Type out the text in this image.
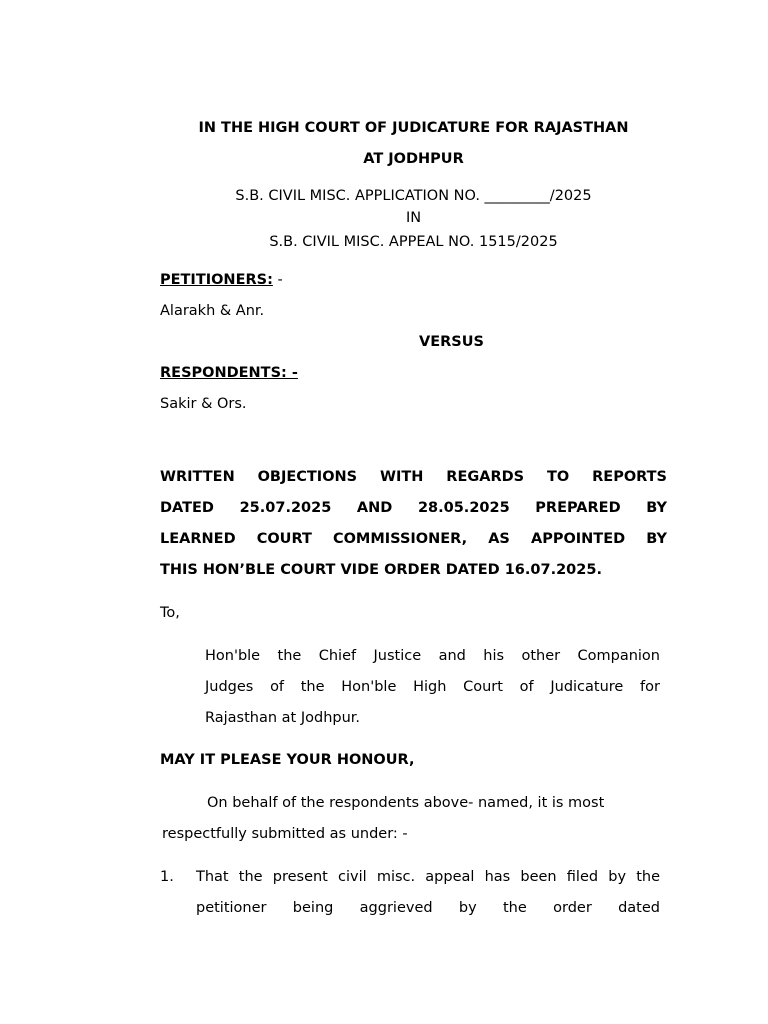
IN THE HIGH COURT OF JUDICATURE FOR RAJASTHAN
AT JODHPUR
S.B. CIVIL MISC. APPLICATION NO. _________/2025
IN
S.B. CIVIL MISC. APPEAL NO. 1515/2025
PETITIONERS: -
Alarakh & Anr.
VERSUS
RESPONDENTS: -
Sakir & Ors.
WRITTEN OBJECTIONS WITH REGARDS TO REPORTS
DATED 25.07.2025 AND 28.05.2025 PREPARED BY
LEARNED COURT COMMISSIONER, AS APPOINTED BY
THIS HON’BLE COURT VIDE ORDER DATED 16.07.2025.
To,
Hon'ble the Chief Justice and his other Companion
Judges of the Hon'ble High Court of Judicature for
Rajasthan at Jodhpur.
MAY IT PLEASE YOUR HONOUR,
On behalf of the respondents above- named, it is most
respectfully submitted as under: -
1. That the present civil misc. appeal has been filed by the
petitioner being aggrieved by the order dated
